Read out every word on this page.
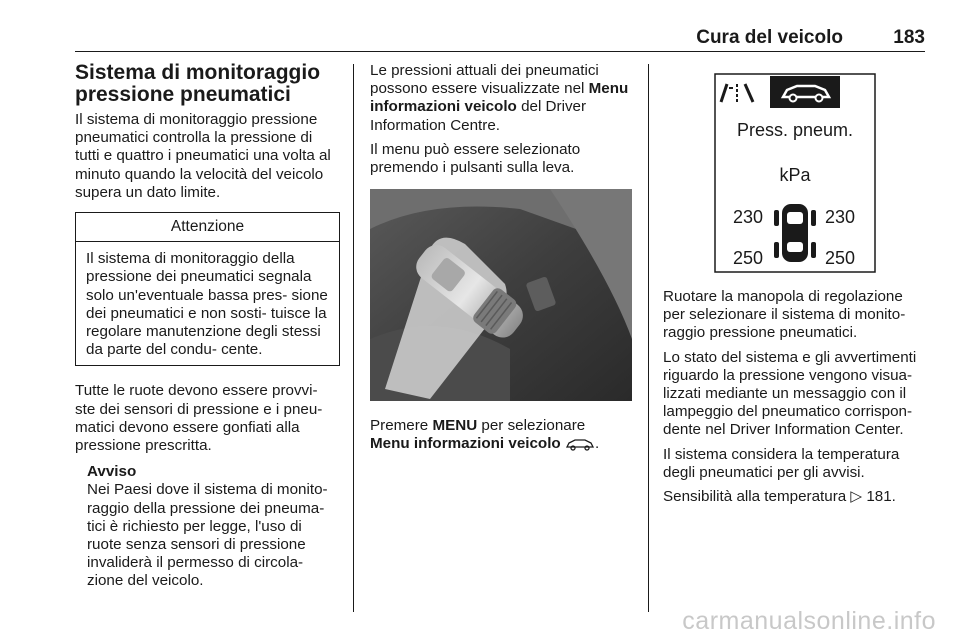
Cura del veicolo	183
Sistema di monitoraggio pressione pneumatici

Il sistema di monitoraggio pressione pneumatici controlla la pressione di tutti e quattro i pneumatici una volta al minuto quando la velocità del veicolo supera un dato limite.

Attenzione
Il sistema di monitoraggio della pressione dei pneumatici segnala solo un'eventuale bassa pres- sione dei pneumatici e non sosti- tuisce la regolare manutenzione degli stessi da parte del condu- cente.

Tutte le ruote devono essere provvi- ste dei sensori di pressione e i pneu- matici devono essere gonfiati alla pressione prescritta.

Avviso
Nei Paesi dove il sistema di monito- raggio della pressione dei pneuma- tici è richiesto per legge, l'uso di ruote senza sensori di pressione invaliderà il permesso di circola- zione del veicolo.

Le pressioni attuali dei pneumatici possono essere visualizzate nel Menu informazioni veicolo del Driver Information Centre.

Il menu può essere selezionato premendo i pulsanti sulla leva.

Premere MENU per selezionare
Menu informazioni veicolo .

Press. pneum.
kPa
230	230
250	250

Ruotare la manopola di regolazione per selezionare il sistema di monito- raggio pressione pneumatici.

Lo stato del sistema e gli avvertimenti riguardo la pressione vengono visua- lizzati mediante un messaggio con il lampeggio del pneumatico corrispon- dente nel Driver Information Center.

Il sistema considera la temperatura degli pneumatici per gli avvisi.

Sensibilità alla temperatura ▷ 181.

carmanualsonline.info
